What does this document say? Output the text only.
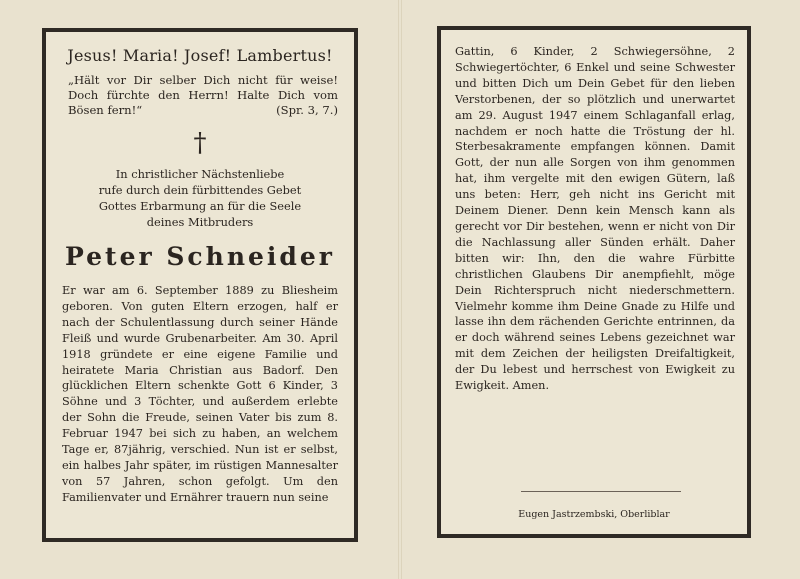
Jesus! Maria! Josef! Lambertus!

„Hält vor Dir selber Dich nicht für weise! Doch fürchte den Herrn! Halte Dich vom Bösen fern!“	(Spr. 3, 7.)

†
In christlicher Nächstenliebe
rufe durch dein fürbittendes Gebet
Gottes Erbarmung an für die Seele
deines Mitbruders
Peter Schneider

Er war am 6. September 1889 zu Bliesheim geboren. Von guten Eltern erzogen, half er nach der Schulentlassung durch seiner Hände Fleiß und wurde Grubenarbeiter. Am 30. April 1918 gründete er eine eigene Familie und heiratete Maria Christian aus Badorf. Den glücklichen Eltern schenkte Gott 6 Kinder, 3 Söhne und 3 Töchter, und außerdem erlebte der Sohn die Freude, seinen Vater bis zum 8. Februar 1947 bei sich zu haben, an welchem Tage er, 87jährig, verschied. Nun ist er selbst, ein halbes Jahr später, im rüstigen Mannesalter von 57 Jahren, schon gefolgt. Um den Familienvater und Ernährer trauern nun seine

Gattin, 6 Kinder, 2 Schwiegersöhne, 2 Schwiegertöchter, 6 Enkel und seine Schwester und bitten Dich um Dein Gebet für den lieben Verstorbenen, der so plötzlich und unerwartet am 29. August 1947 einem Schlaganfall erlag, nachdem er noch hatte die Tröstung der hl. Sterbesakramente empfangen können. Damit Gott, der nun alle Sorgen von ihm genommen hat, ihm vergelte mit den ewigen Gütern, laß uns beten: Herr, geh nicht ins Gericht mit Deinem Diener. Denn kein Mensch kann als gerecht vor Dir bestehen, wenn er nicht von Dir die Nachlassung aller Sünden erhält. Daher bitten wir: Ihn, den die wahre Fürbitte christlichen Glaubens Dir anempfiehlt, möge Dein Richterspruch nicht niederschmettern. Vielmehr komme ihm Deine Gnade zu Hilfe und lasse ihn dem rächenden Gerichte entrinnen, da er doch während seines Lebens gezeichnet war mit dem Zeichen der heiligsten Dreifaltigkeit, der Du lebest und herrschest von Ewigkeit zu Ewigkeit. Amen.

Eugen Jastrzembski, Oberliblar
